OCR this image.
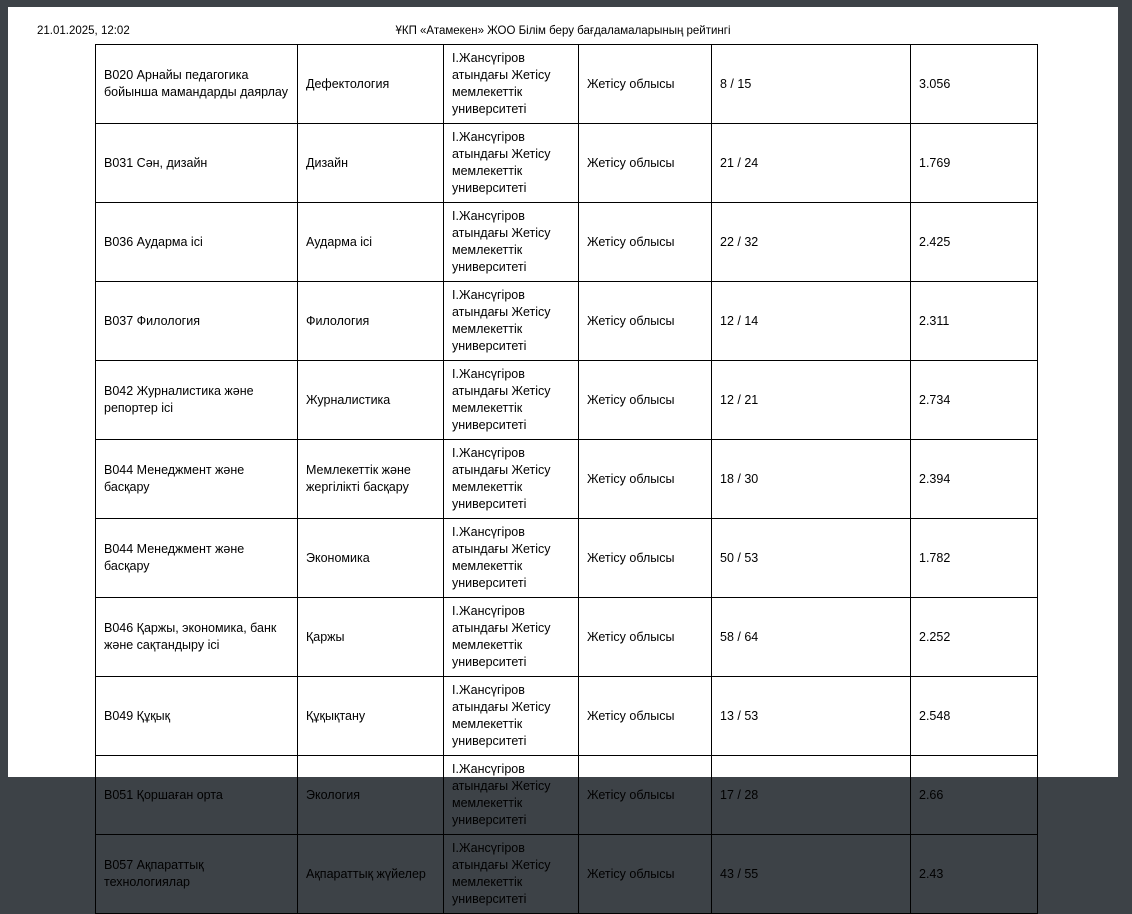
21.01.2025, 12:02	ҰКП «Атамекен» ЖОО Білім беру бағдаламаларының рейтингі
B020 Арнайы педагогика бойынша мамандарды даярлау	Дефектология	І.Жансүгіров атындағы Жетісу мемлекеттік университеті	Жетісу облысы	8 / 15	3.056
B031 Сән, дизайн	Дизайн	І.Жансүгіров атындағы Жетісу мемлекеттік университеті	Жетісу облысы	21 / 24	1.769
B036 Аударма ісі	Аударма ісі	І.Жансүгіров атындағы Жетісу мемлекеттік университеті	Жетісу облысы	22 / 32	2.425
B037 Филология	Филология	І.Жансүгіров атындағы Жетісу мемлекеттік университеті	Жетісу облысы	12 / 14	2.311
B042 Журналистика және репортер ісі	Журналистика	І.Жансүгіров атындағы Жетісу мемлекеттік университеті	Жетісу облысы	12 / 21	2.734
B044 Менеджмент және басқару	Мемлекеттік және жергілікті басқару	І.Жансүгіров атындағы Жетісу мемлекеттік университеті	Жетісу облысы	18 / 30	2.394
B044 Менеджмент және басқару	Экономика	І.Жансүгіров атындағы Жетісу мемлекеттік университеті	Жетісу облысы	50 / 53	1.782
B046 Қаржы, экономика, банк және сақтандыру ісі	Қаржы	І.Жансүгіров атындағы Жетісу мемлекеттік университеті	Жетісу облысы	58 / 64	2.252
B049 Құқық	Құқықтану	І.Жансүгіров атындағы Жетісу мемлекеттік университеті	Жетісу облысы	13 / 53	2.548
B051 Қоршаған орта	Экология	І.Жансүгіров атындағы Жетісу мемлекеттік университеті	Жетісу облысы	17 / 28	2.66
B057 Ақпараттық технологиялар	Ақпараттық жүйелер	І.Жансүгіров атындағы Жетісу мемлекеттік университеті	Жетісу облысы	43 / 55	2.43
